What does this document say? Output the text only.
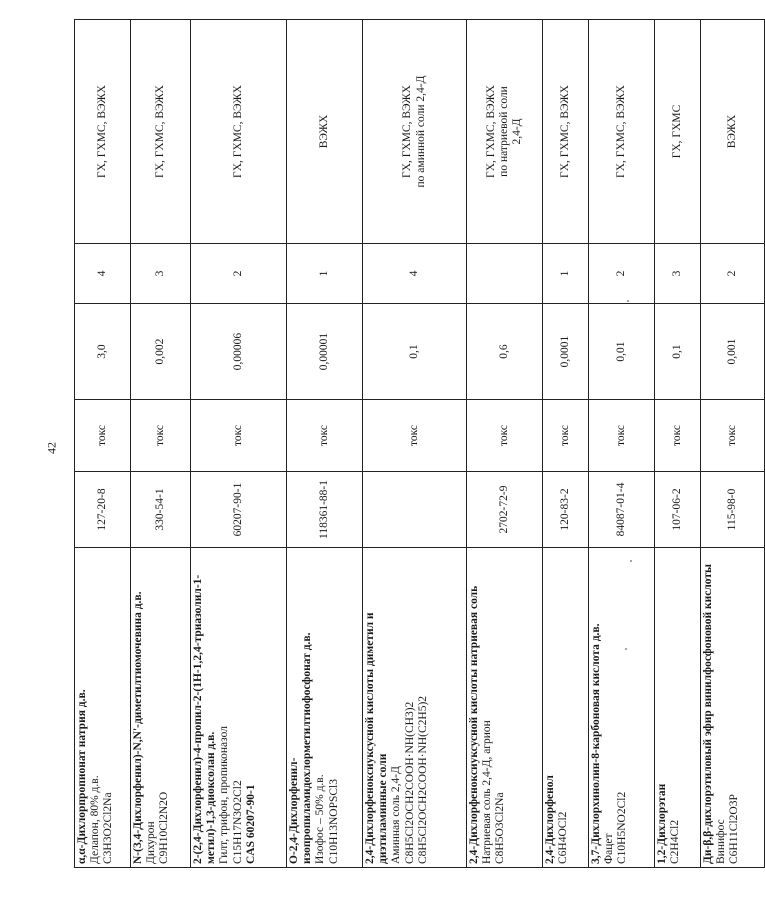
42
α,α-Дихлорпропионат натрия д.в. Делапон, 80% д.в. C3H3O2Cl2Na	127-20-8	токс	3,0	4	ГХ, ГХМС, ВЭЖХ

N-(3,4-Дихлорфенил)-N,N'-диметилтиомочевина д.в. Дихурон C9H10Cl2N2O	330-54-1	токс	0,002	3	ГХ, ГХМС, ВЭЖХ

2-(2,4-Дихлорфенил)-4-пропил-2-(1Н-1,2,4-триазолил-1-метил)-1,3-диоксолан д.в. Гилт, трифон, пропиконазол C15H17N3O2Cl2 CAS 60207-90-1	60207-90-1	токс	0,00006	2	ГХ, ГХМС, ВЭЖХ

О-2,4-Дихлорфенил-изопропиламидохлорметилтиофосфонат д.в. Изофос – 50% д.в. C10H13NOPSCl3	118361-88-1	токс	0,00001	1	ВЭЖХ

2,4-Дихлорфеноксиуксусной кислоты диметил и диэтиламинные соли Аминная соль 2,4-Д C8H5Cl2OCH2COOH·NH(CH3)2 C8H5Cl2OCH2COOH·NH(C2H5)2		токс	0,1	4	ГХ, ГХМС, ВЭЖХ по аминной соли 2,4-Д

2,4-Дихлорфеноксиуксусной кислоты натриевая соль Натриевая соль 2,4-Д, агрион C8H5O3Cl2Na	2702-72-9	токс	0,6		ГХ, ГХМС, ВЭЖХ по натриевой соли 2,4-Д

2,4-Дихлорфенол C6H4OCl2	120-83-2	токс	0,0001	1	ГХ, ГХМС, ВЭЖХ

3,7-Дихлорхинолин-8-карбоновая кислота д.в. Фацет C10H5NO2Cl2	84087-01-4	токс	0,01	2	ГХ, ГХМС, ВЭЖХ

1,2-Дихлорэтан C2H4Cl2	107-06-2	токс	0,1	3	ГХ, ГХМС

Ди-β,β-дихлорэтиловый эфир винилфосфоновой кислоты Винифос C6H11Cl2O3P	115-98-0	токс	0,001	2	ВЭЖХ
